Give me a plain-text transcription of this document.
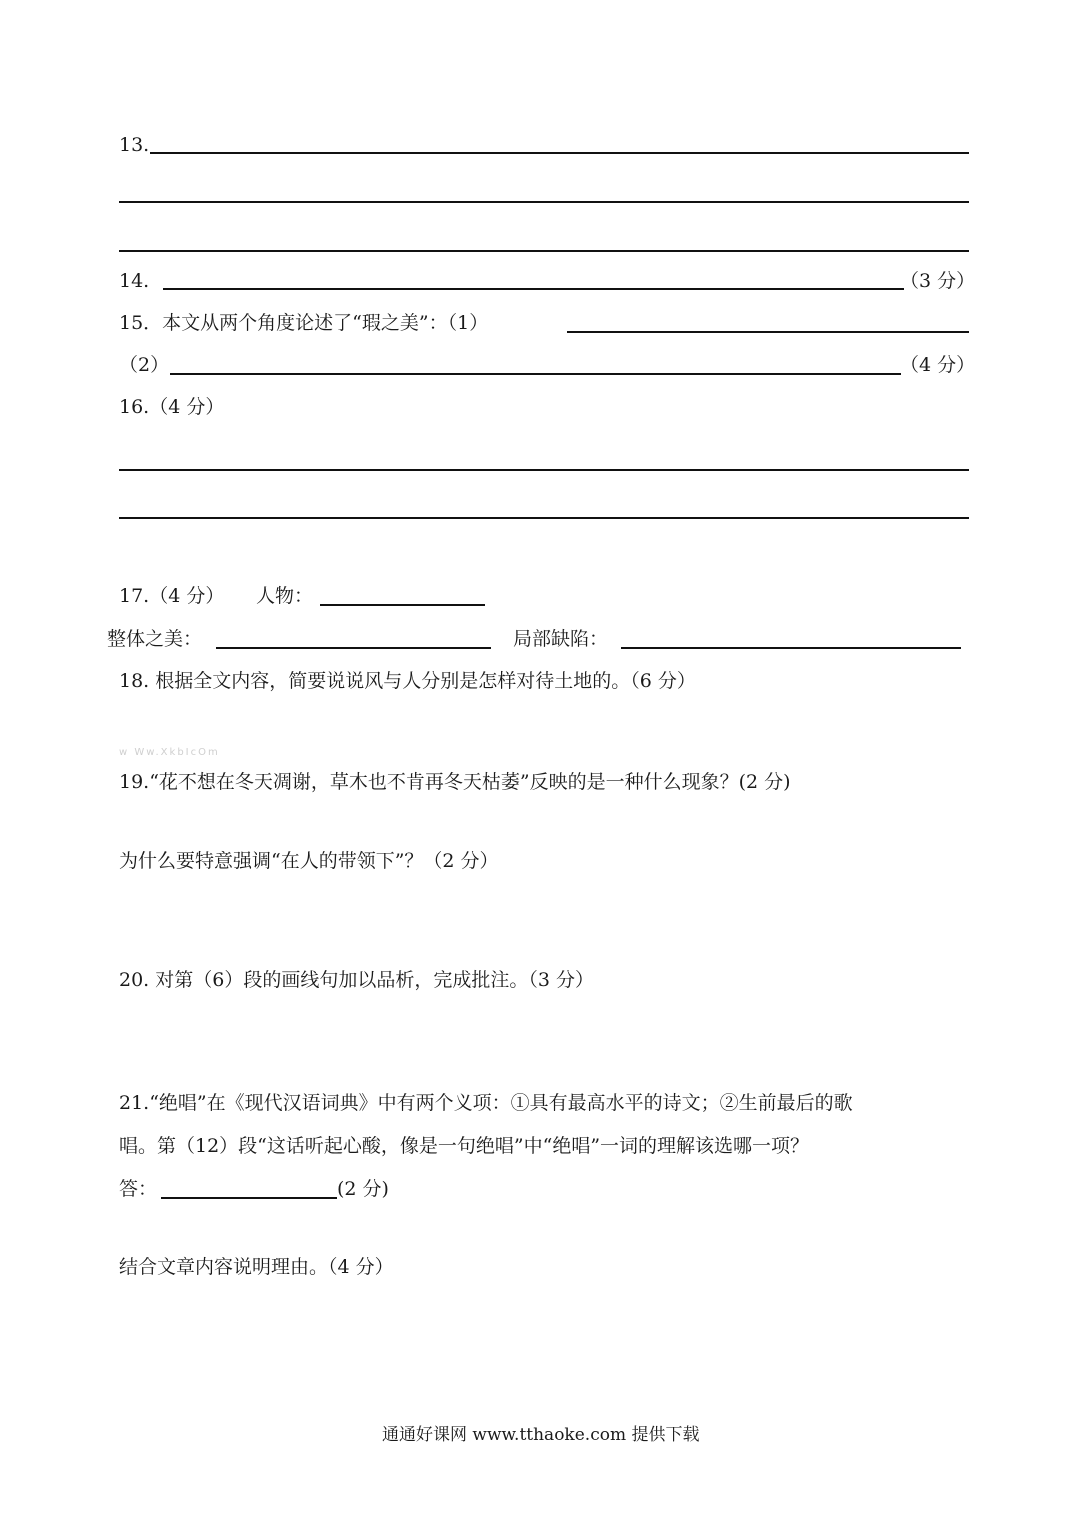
13.
14.	（3 分）
15．本文从两个角度论述了“瑕之美”：（1）
（2）	（4 分）
16.（4 分）
17.（4 分） 人物：
整体之美：	局部缺陷：
18. 根据全文内容，简要说说风与人分别是怎样对待土地的。（6 分）
w Ww.XkbIcOm
19.“花不想在冬天凋谢，草木也不肯再冬天枯萎”反映的是一种什么现象？(2 分)
为什么要特意强调“在人的带领下”？（2 分）
20. 对第（6）段的画线句加以品析，完成批注。（3 分）
21.“绝唱”在《现代汉语词典》中有两个义项：①具有最高水平的诗文；②生前最后的歌
唱。第（12）段“这话听起心酸，像是一句绝唱”中“绝唱”一词的理解该选哪一项？
答：	(2 分)
结合文章内容说明理由。（4 分）
通通好课网 www.tthaoke.com 提供下载
